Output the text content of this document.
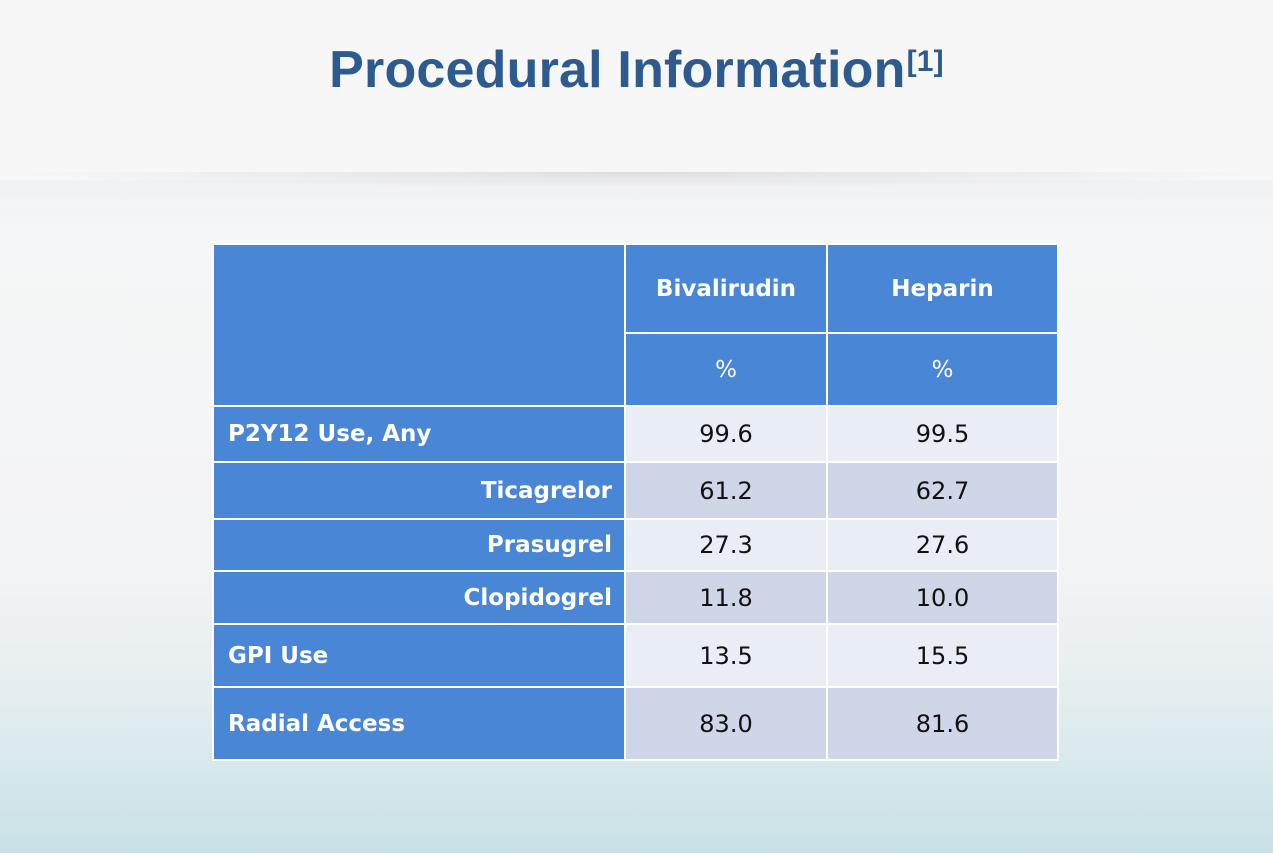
Procedural Information[1]
	Bivalirudin	Heparin
	%	%
P2Y12 Use, Any	99.6	99.5
Ticagrelor	61.2	62.7
Prasugrel	27.3	27.6
Clopidogrel	11.8	10.0
GPI Use	13.5	15.5
Radial Access	83.0	81.6
